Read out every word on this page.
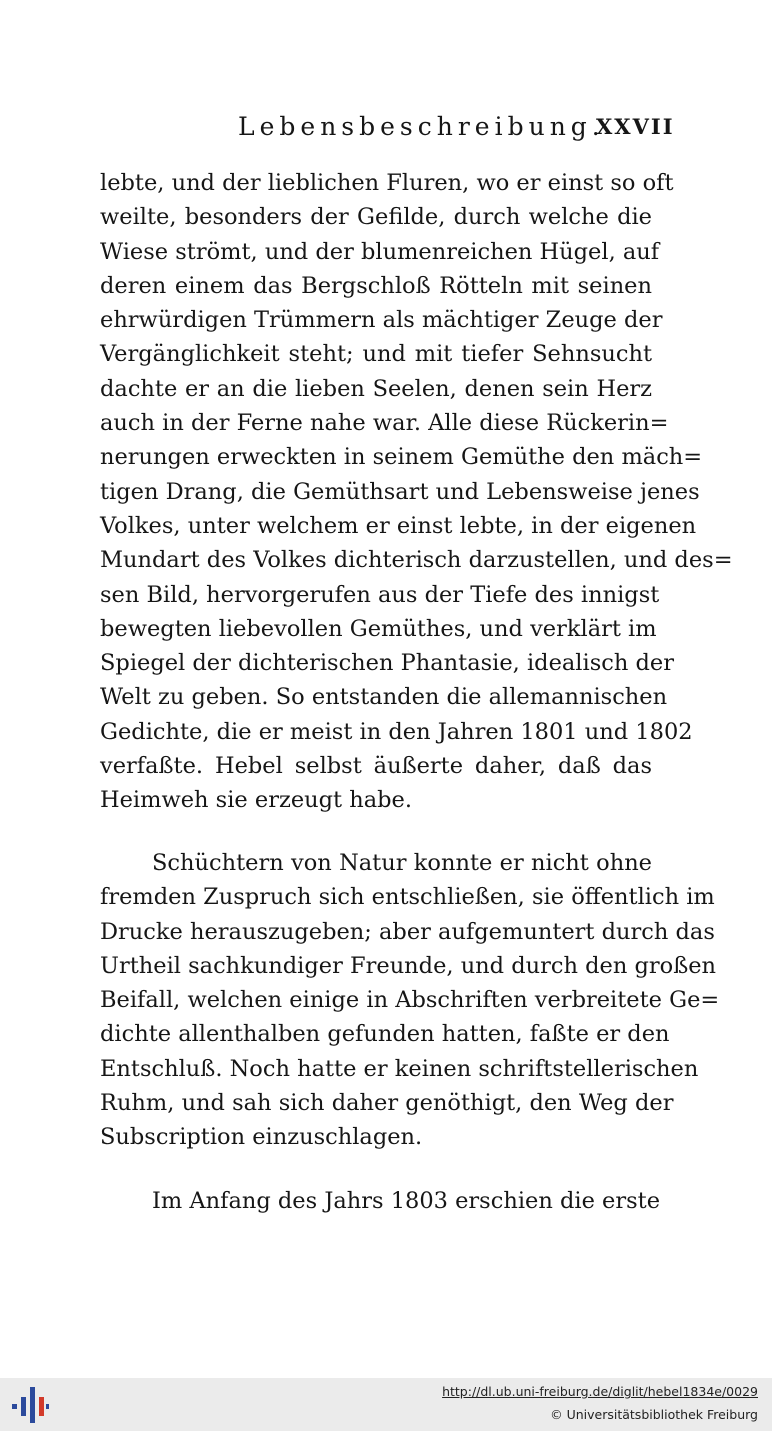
Lebensbeschreibung.
XXVII
lebte, und der lieblichen Fluren, wo er einst so oft
weilte, besonders der Gefilde, durch welche die
Wiese strömt, und der blumenreichen Hügel, auf
deren einem das Bergschloß Rötteln mit seinen
ehrwürdigen Trümmern als mächtiger Zeuge der
Vergänglichkeit steht; und mit tiefer Sehnsucht
dachte er an die lieben Seelen, denen sein Herz
auch in der Ferne nahe war. Alle diese Rückerin=
nerungen erweckten in seinem Gemüthe den mäch=
tigen Drang, die Gemüthsart und Lebensweise jenes
Volkes, unter welchem er einst lebte, in der eigenen
Mundart des Volkes dichterisch darzustellen, und des=
sen Bild, hervorgerufen aus der Tiefe des innigst
bewegten liebevollen Gemüthes, und verklärt im
Spiegel der dichterischen Phantasie, idealisch der
Welt zu geben. So entstanden die allemannischen
Gedichte, die er meist in den Jahren 1801 und 1802
verfaßte. Hebel selbst äußerte daher, daß das
Heimweh sie erzeugt habe.
Schüchtern von Natur konnte er nicht ohne
fremden Zuspruch sich entschließen, sie öffentlich im
Drucke herauszugeben; aber aufgemuntert durch das
Urtheil sachkundiger Freunde, und durch den großen
Beifall, welchen einige in Abschriften verbreitete Ge=
dichte allenthalben gefunden hatten, faßte er den
Entschluß. Noch hatte er keinen schriftstellerischen
Ruhm, und sah sich daher genöthigt, den Weg der
Subscription einzuschlagen.
Im Anfang des Jahrs 1803 erschien die erste
http://dl.ub.uni-freiburg.de/diglit/hebel1834e/0029
© Universitätsbibliothek Freiburg
